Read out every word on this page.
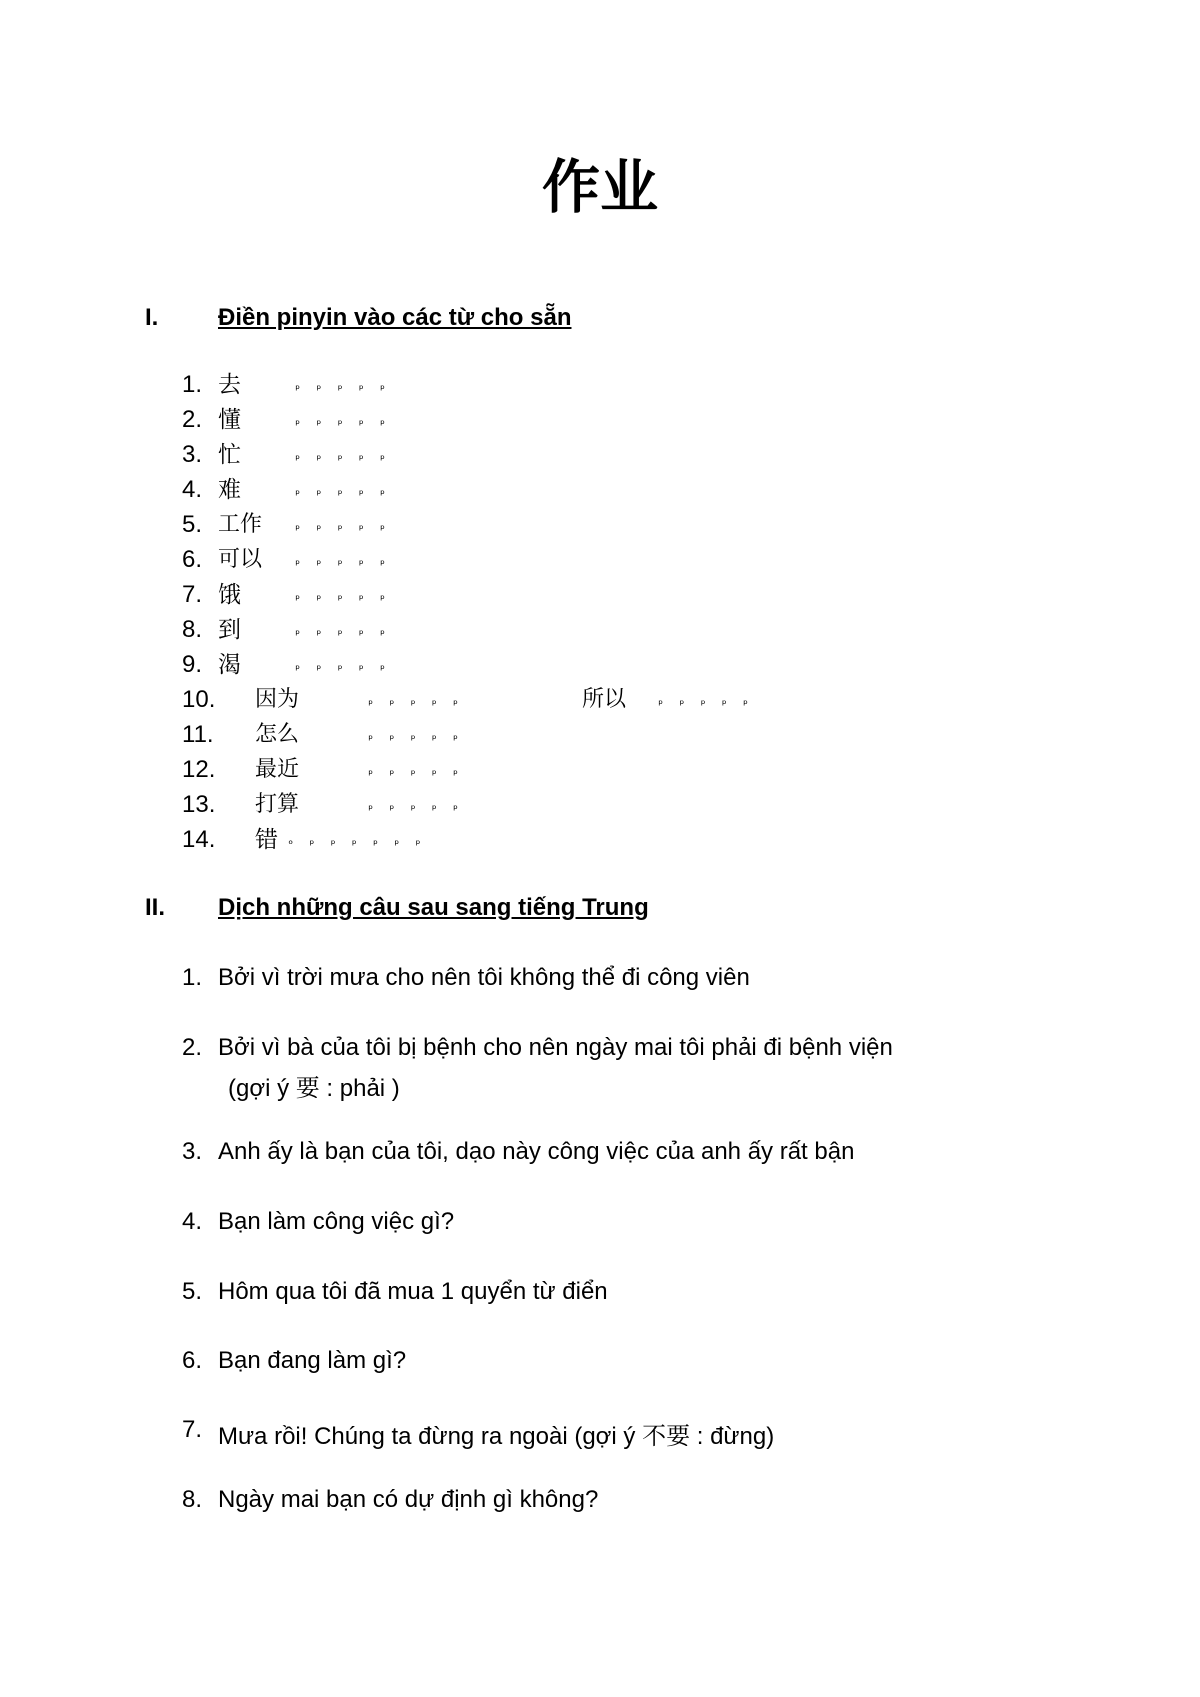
作业
I. Điền pinyin vào các từ cho sẵn
1. 去	ᵖᵖᵖᵖᵖ
2. 懂	ᵖᵖᵖᵖᵖ
3. 忙	ᵖᵖᵖᵖᵖ
4. 难	ᵖᵖᵖᵖᵖ
5. 工作	ᵖᵖᵖᵖᵖ
6. 可以	ᵖᵖᵖᵖᵖ
7. 饿	ᵖᵖᵖᵖᵖ
8. 到	ᵖᵖᵖᵖᵖ
9. 渴	ᵖᵖᵖᵖᵖ
10. 因为	ᵖᵖᵖᵖᵖ	所以	ᵖᵖᵖᵖᵖ
11. 怎么	ᵖᵖᵖᵖᵖ
12. 最近	ᵖᵖᵖᵖᵖ
13. 打算	ᵖᵖᵖᵖᵖ
14. 错 ᵒᵖᵖᵖᵖᵖᵖ
II. Dịch những câu sau sang tiếng Trung
1. Bởi vì trời mưa cho nên tôi không thể đi công viên
2. Bởi vì bà của tôi bị bệnh cho nên ngày mai tôi phải đi bệnh viện
(gợi ý 要 : phải )
3. Anh ấy là bạn của tôi, dạo này công việc của anh ấy rất bận
4. Bạn làm công việc gì?
5. Hôm qua tôi đã mua 1 quyển từ điển
6. Bạn đang làm gì?
7. Mưa rồi! Chúng ta đừng ra ngoài (gợi ý 不要 : đừng)
8. Ngày mai bạn có dự định gì không?
